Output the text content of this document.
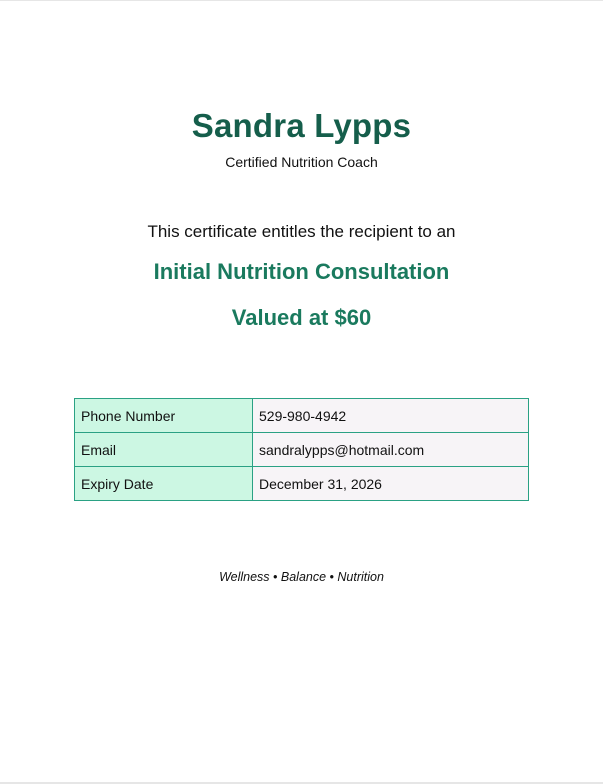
Sandra Lypps
Certified Nutrition Coach
This certificate entitles the recipient to an
Initial Nutrition Consultation
Valued at $60
Phone Number	529-980-4942
Email	sandralypps@hotmail.com
Expiry Date	December 31, 2026
Wellness • Balance • Nutrition
